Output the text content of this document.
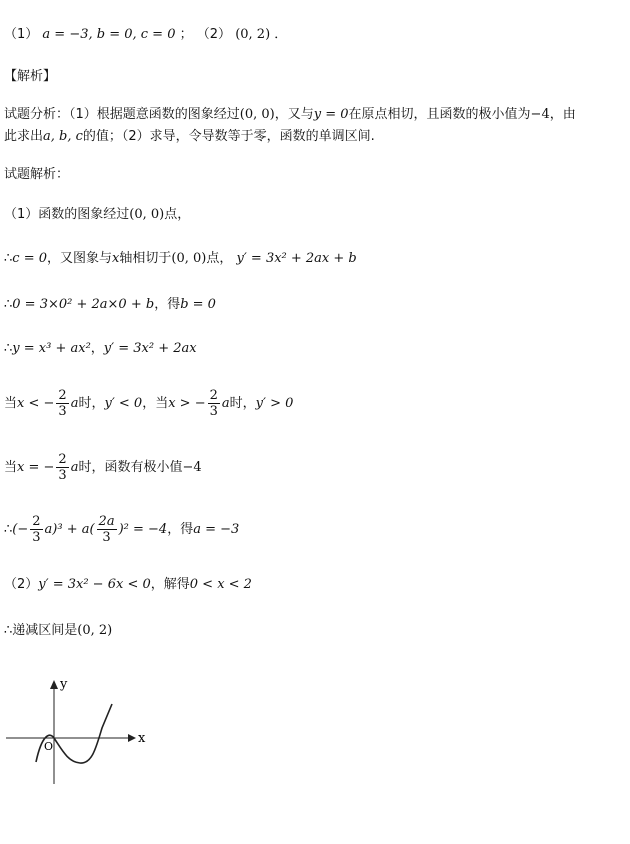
（1） a = −3, b = 0, c = 0 ； （2） (0, 2) ．
【解析】
试题分析：（1）根据题意函数的图象经过(0, 0)，又与y = 0在原点相切，且函数的极小值为−4，由
此求出a, b, c的值；（2）求导，令导数等于零，函数的单调区间.
试题解析：
（1）函数的图象经过(0, 0)点，
∴c = 0，又图象与x轴相切于(0, 0)点， y′ = 3x² + 2ax + b
∴0 = 3×0² + 2a×0 + b，得b = 0
∴y = x³ + ax²，y′ = 3x² + 2ax
当x < − $\frac{2}{3}$ a时，y′ < 0，当x > − $\frac{2}{3}$ a时，y′ > 0
当x = − $\frac{2}{3}$ a时，函数有极小值−4
∴(− $\frac{2}{3} a)^3 + a( \frac{2a}{3} )^2 = -4$，得a = −3
（2）y′ = 3x² − 6x < 0，解得0 < x < 2
∴递减区间是(0, 2)
y
x
O
